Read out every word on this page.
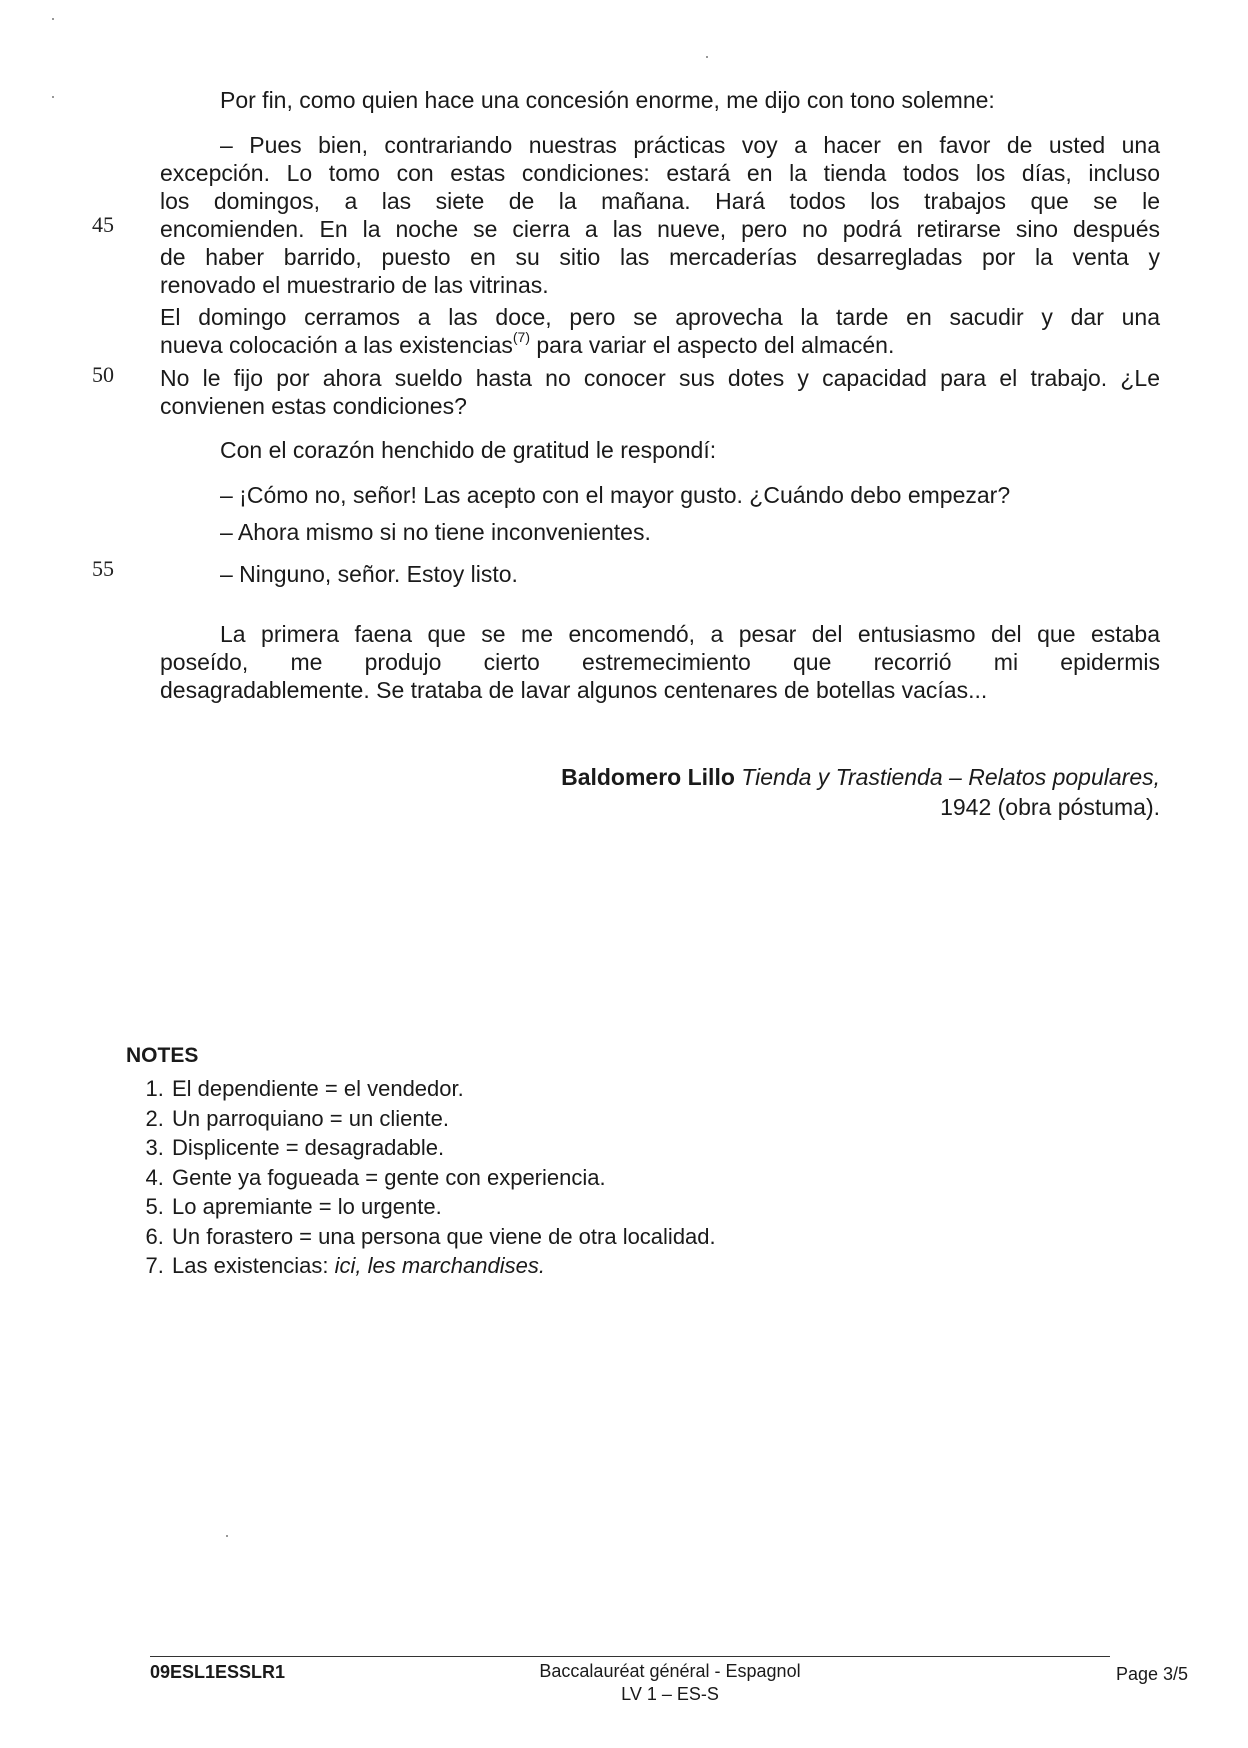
45
50
55
Por fin, como quien hace una concesión enorme, me dijo con tono solemne:
– Pues bien, contrariando nuestras prácticas voy a hacer en favor de usted una
excepción. Lo tomo con estas condiciones: estará en la tienda todos los días, incluso
los domingos, a las siete de la mañana. Hará todos los trabajos que se le
encomienden. En la noche se cierra a las nueve, pero no podrá retirarse sino después
de haber barrido, puesto en su sitio las mercaderías desarregladas por la venta y
renovado el muestrario de las vitrinas.
El domingo cerramos a las doce, pero se aprovecha la tarde en sacudir y dar una
nueva colocación a las existencias$^{(7)}$ para variar el aspecto del almacén.
No le fijo por ahora sueldo hasta no conocer sus dotes y capacidad para el trabajo. ¿Le
convienen estas condiciones?
Con el corazón henchido de gratitud le respondí:
– ¡Cómo no, señor! Las acepto con el mayor gusto. ¿Cuándo debo empezar?
– Ahora mismo si no tiene inconvenientes.
– Ninguno, señor. Estoy listo.
La primera faena que se me encomendó, a pesar del entusiasmo del que estaba
poseído, me produjo cierto estremecimiento que recorrió mi epidermis
desagradablemente. Se trataba de lavar algunos centenares de botellas vacías...
Baldomero Lillo Tienda y Trastienda – Relatos populares,
1942 (obra póstuma).
NOTES
1. El dependiente = el vendedor.
2. Un parroquiano = un cliente.
3. Displicente = desagradable.
4. Gente ya fogueada = gente con experiencia.
5. Lo apremiante = lo urgente.
6. Un forastero = una persona que viene de otra localidad.
7. Las existencias: ici, les marchandises.
09ESL1ESSLR1	Baccalauréat général - Espagnol
LV 1 – ES-S
Page 3/5
